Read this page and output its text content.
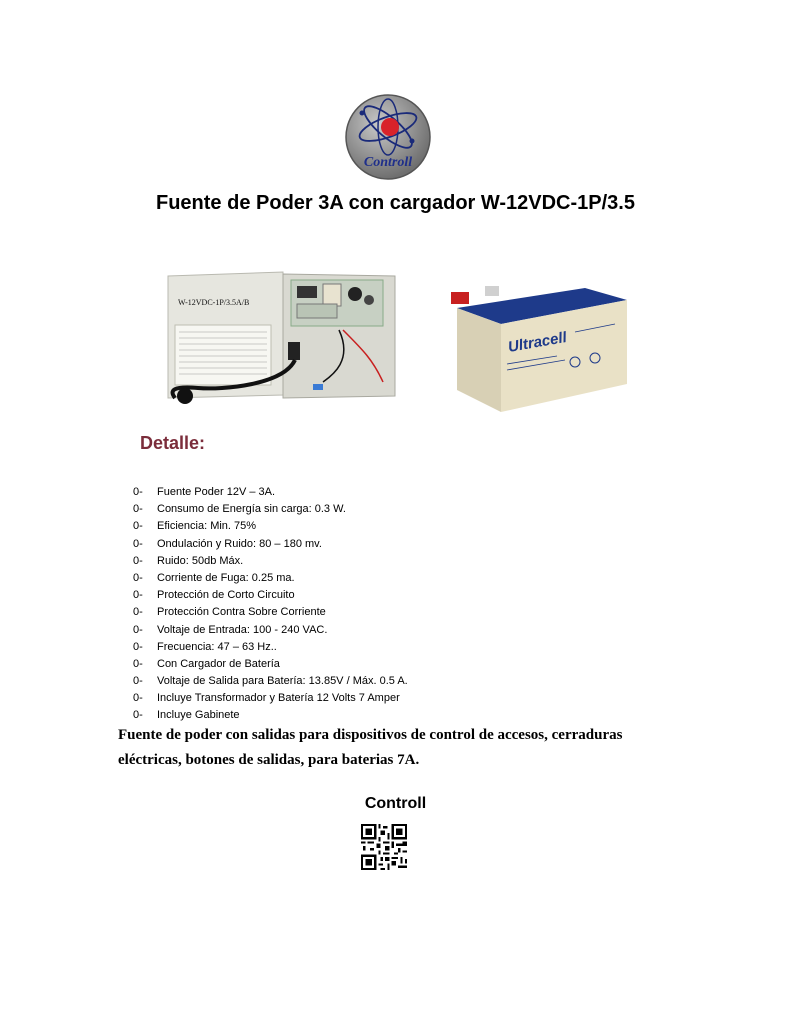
Controll
Fuente de Poder 3A con cargador W-12VDC-1P/3.5
W-12VDC-1P/3.5A/B
Ultracell
Detalle:
0- Fuente Poder 12V – 3A.
0- Consumo de Energía sin carga: 0.3 W.
0- Eficiencia: Min. 75%
0- Ondulación y Ruido: 80 – 180 mv.
0- Ruido: 50db Máx.
0- Corriente de Fuga: 0.25 ma.
0- Protección de Corto Circuito
0- Protección Contra Sobre Corriente
0- Voltaje de Entrada: 100 - 240 VAC.
0- Frecuencia: 47 – 63 Hz..
0- Con Cargador de Batería
0- Voltaje de Salida para Batería: 13.85V / Máx. 0.5 A.
0- Incluye Transformador y Batería 12 Volts 7 Amper
0- Incluye Gabinete
Fuente de poder con salidas para dispositivos de control de accesos, cerraduras eléctricas, botones de salidas, para baterias 7A.
Controll
